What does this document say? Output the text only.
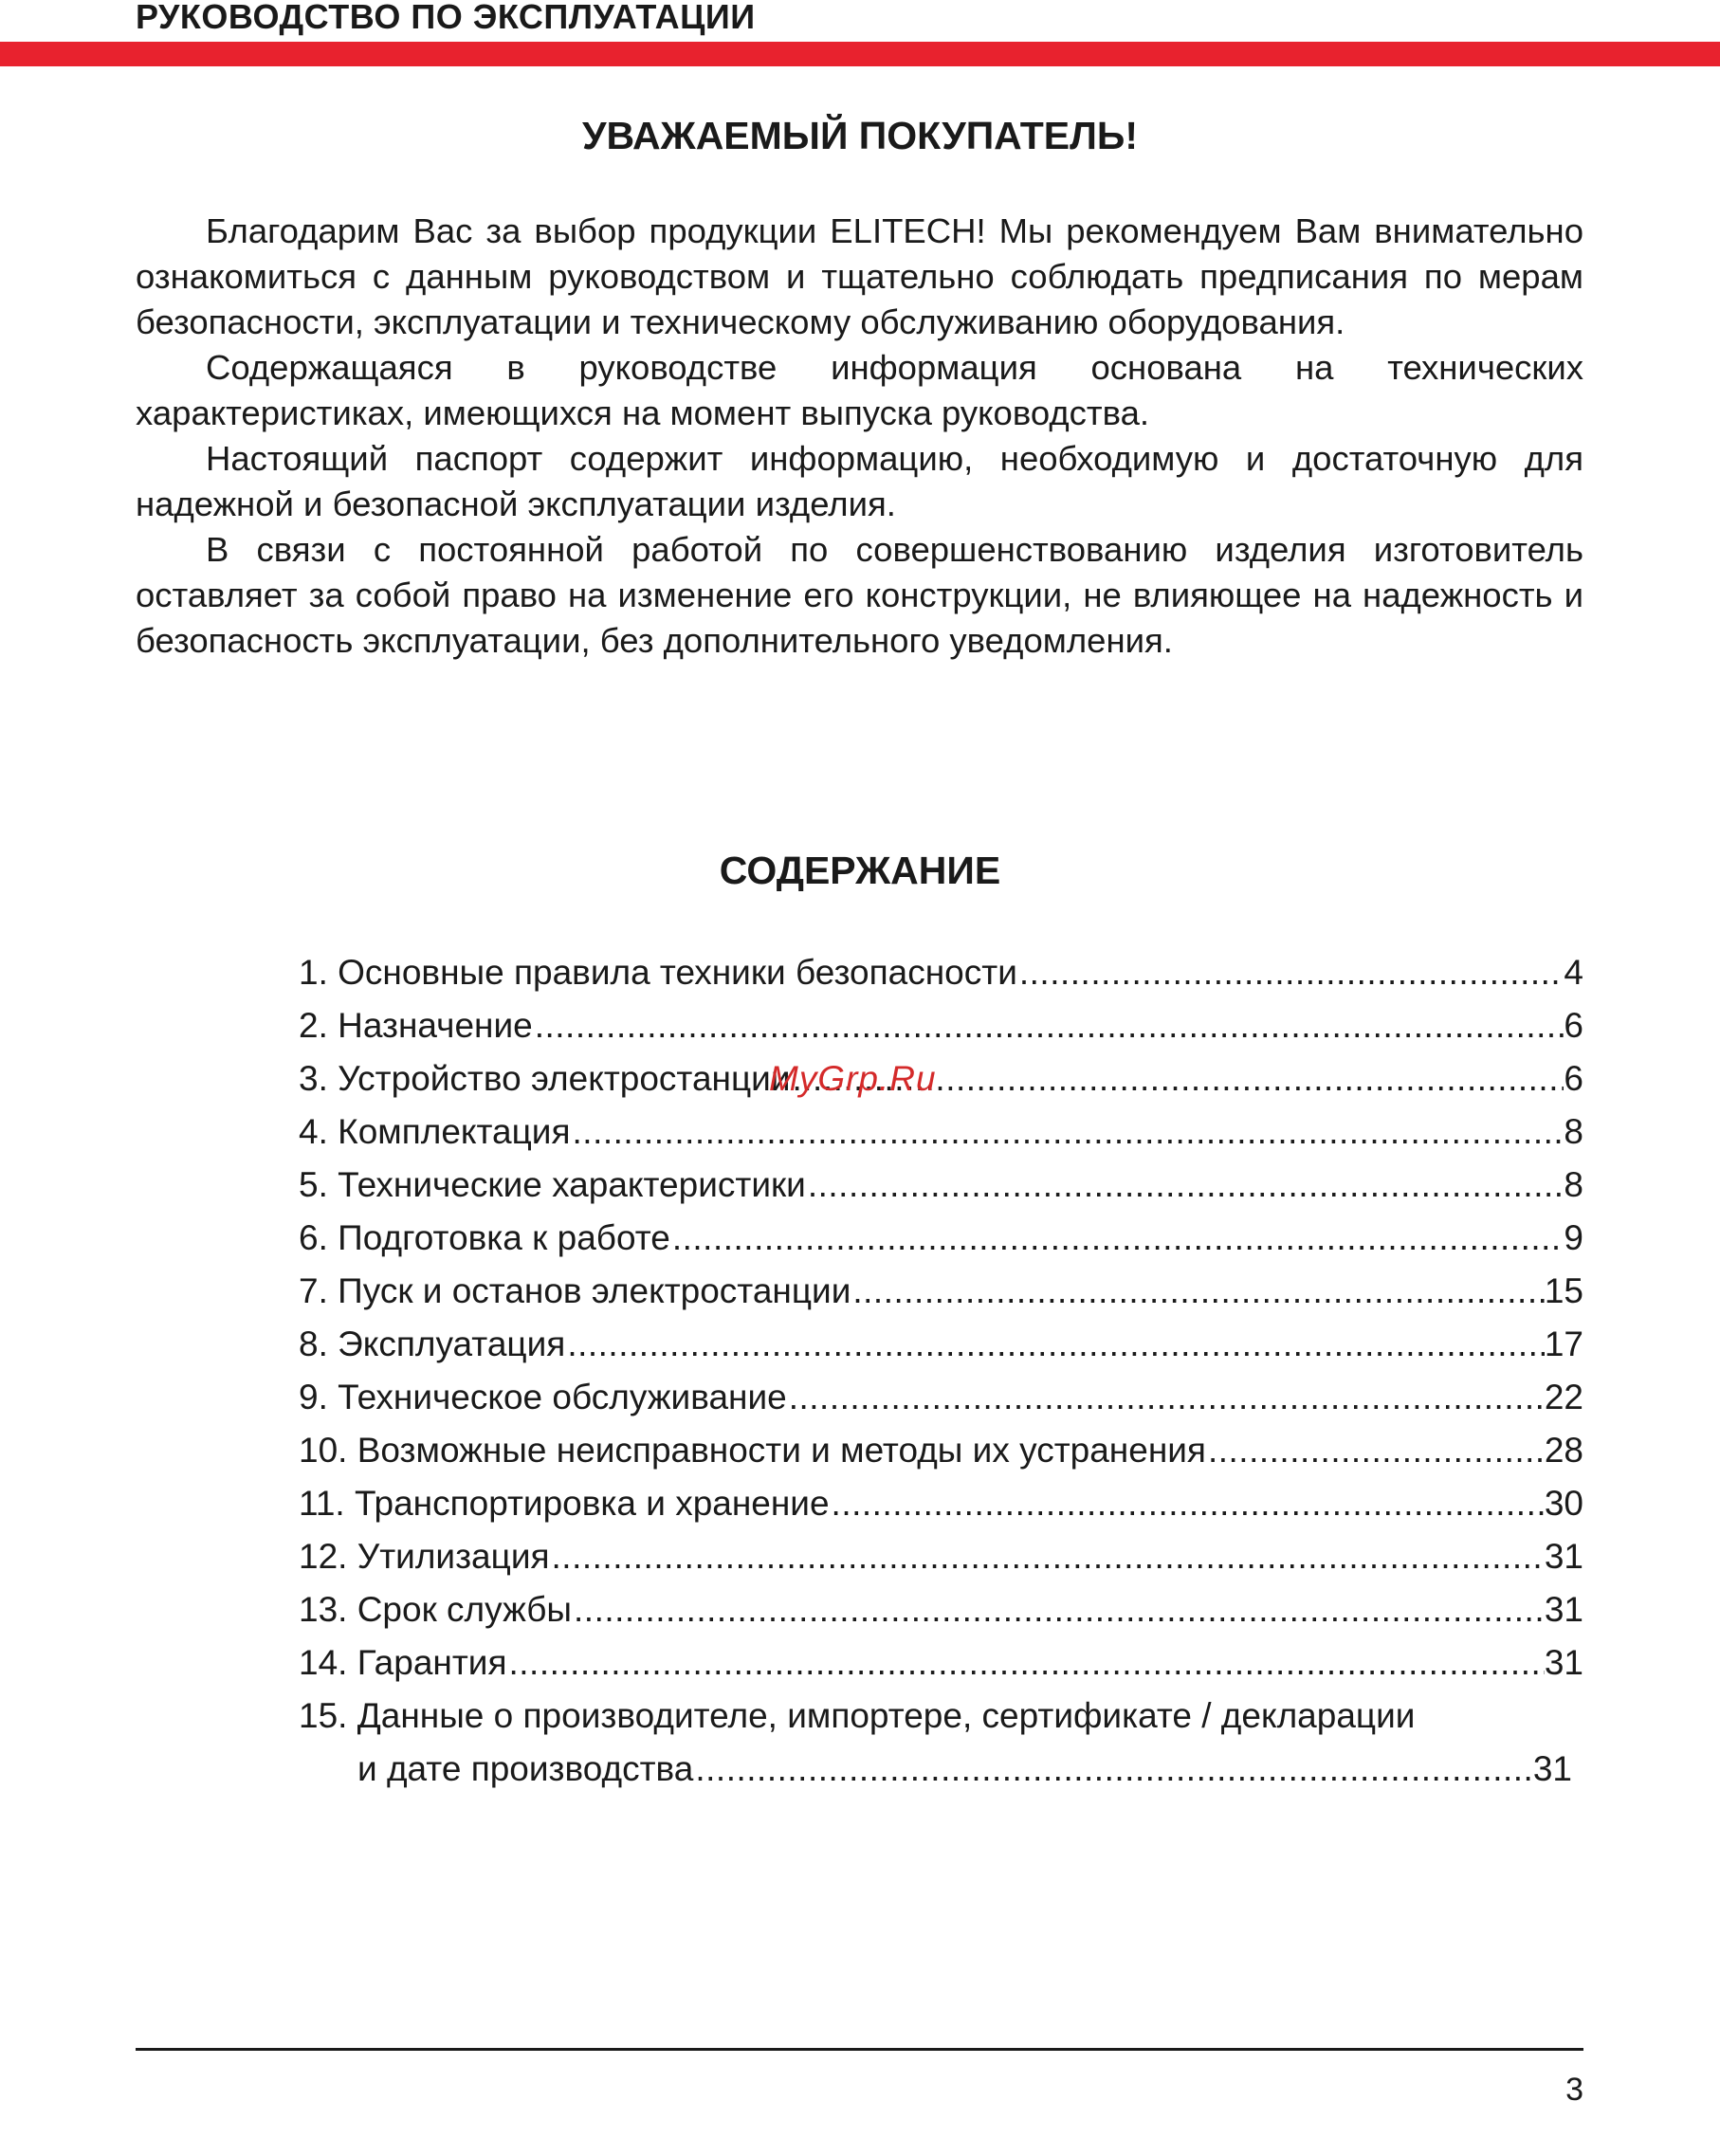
РУКОВОДСТВО ПО ЭКСПЛУАТАЦИИ
УВАЖАЕМЫЙ ПОКУПАТЕЛЬ!

Благодарим Вас за выбор продукции ELITECH! Мы рекомендуем Вам внимательно ознакомиться с данным руководством и тщательно соблюдать предписания по мерам безопасности, эксплуатации и техническому обслуживанию оборудования.

Содержащаяся в руководстве информация основана на технических характеристиках, имеющихся на момент выпуска руководства.

Настоящий паспорт содержит информацию, необходимую и достаточную для надежной и безопасной эксплуатации изделия.

В связи с постоянной работой по совершенствованию изделия изготовитель оставляет за собой право на изменение его конструкции, не влияющее на надежность и безопасность эксплуатации, без дополнительного уведомления.

СОДЕРЖАНИЕ
1. Основные правила техники безопасности .....	4
2. Назначение .....	6
3. Устройство электростанции .....	6
4. Комплектация .....	8
5. Технические характеристики .....	8
6. Подготовка к работе .....	9
7. Пуск и останов электростанции .....	15
8. Эксплуатация .....	17
9. Техническое обслуживание .....	22
10. Возможные неисправности и методы их устранения .....	28
11. Транспортировка и хранение .....	30
12. Утилизация .....	31
13. Срок службы .....	31
14. Гарантия .....	31
15. Данные о производителе, импортере, сертификате / декларации
и дате производства .....	31
MyGrp.Ru
3
